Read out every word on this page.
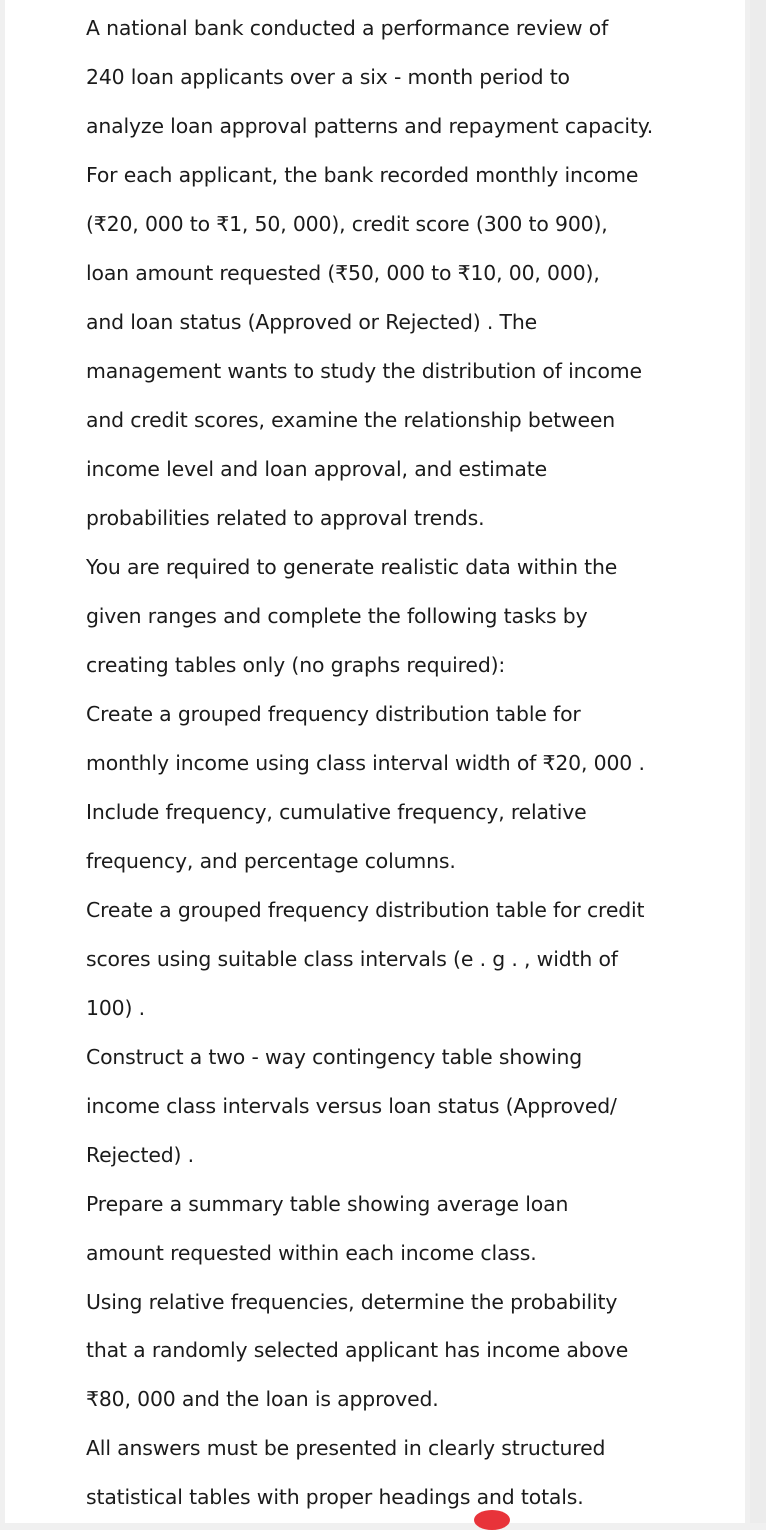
A national bank conducted a performance review of
240 loan applicants over a six - month period to
analyze loan approval patterns and repayment capacity.
For each applicant, the bank recorded monthly income
(₹20, 000 to ₹1, 50, 000), credit score (300 to 900),
loan amount requested (₹50, 000 to ₹10, 00, 000),
and loan status (Approved or Rejected) . The
management wants to study the distribution of income
and credit scores, examine the relationship between
income level and loan approval, and estimate
probabilities related to approval trends.
You are required to generate realistic data within the
given ranges and complete the following tasks by
creating tables only (no graphs required):
Create a grouped frequency distribution table for
monthly income using class interval width of ₹20, 000 .
Include frequency, cumulative frequency, relative
frequency, and percentage columns.
Create a grouped frequency distribution table for credit
scores using suitable class intervals (e . g . , width of
100) .
Construct a two - way contingency table showing
income class intervals versus loan status (Approved/
Rejected) .
Prepare a summary table showing average loan
amount requested within each income class.
Using relative frequencies, determine the probability
that a randomly selected applicant has income above
₹80, 000 and the loan is approved.
All answers must be presented in clearly structured
statistical tables with proper headings and totals.
